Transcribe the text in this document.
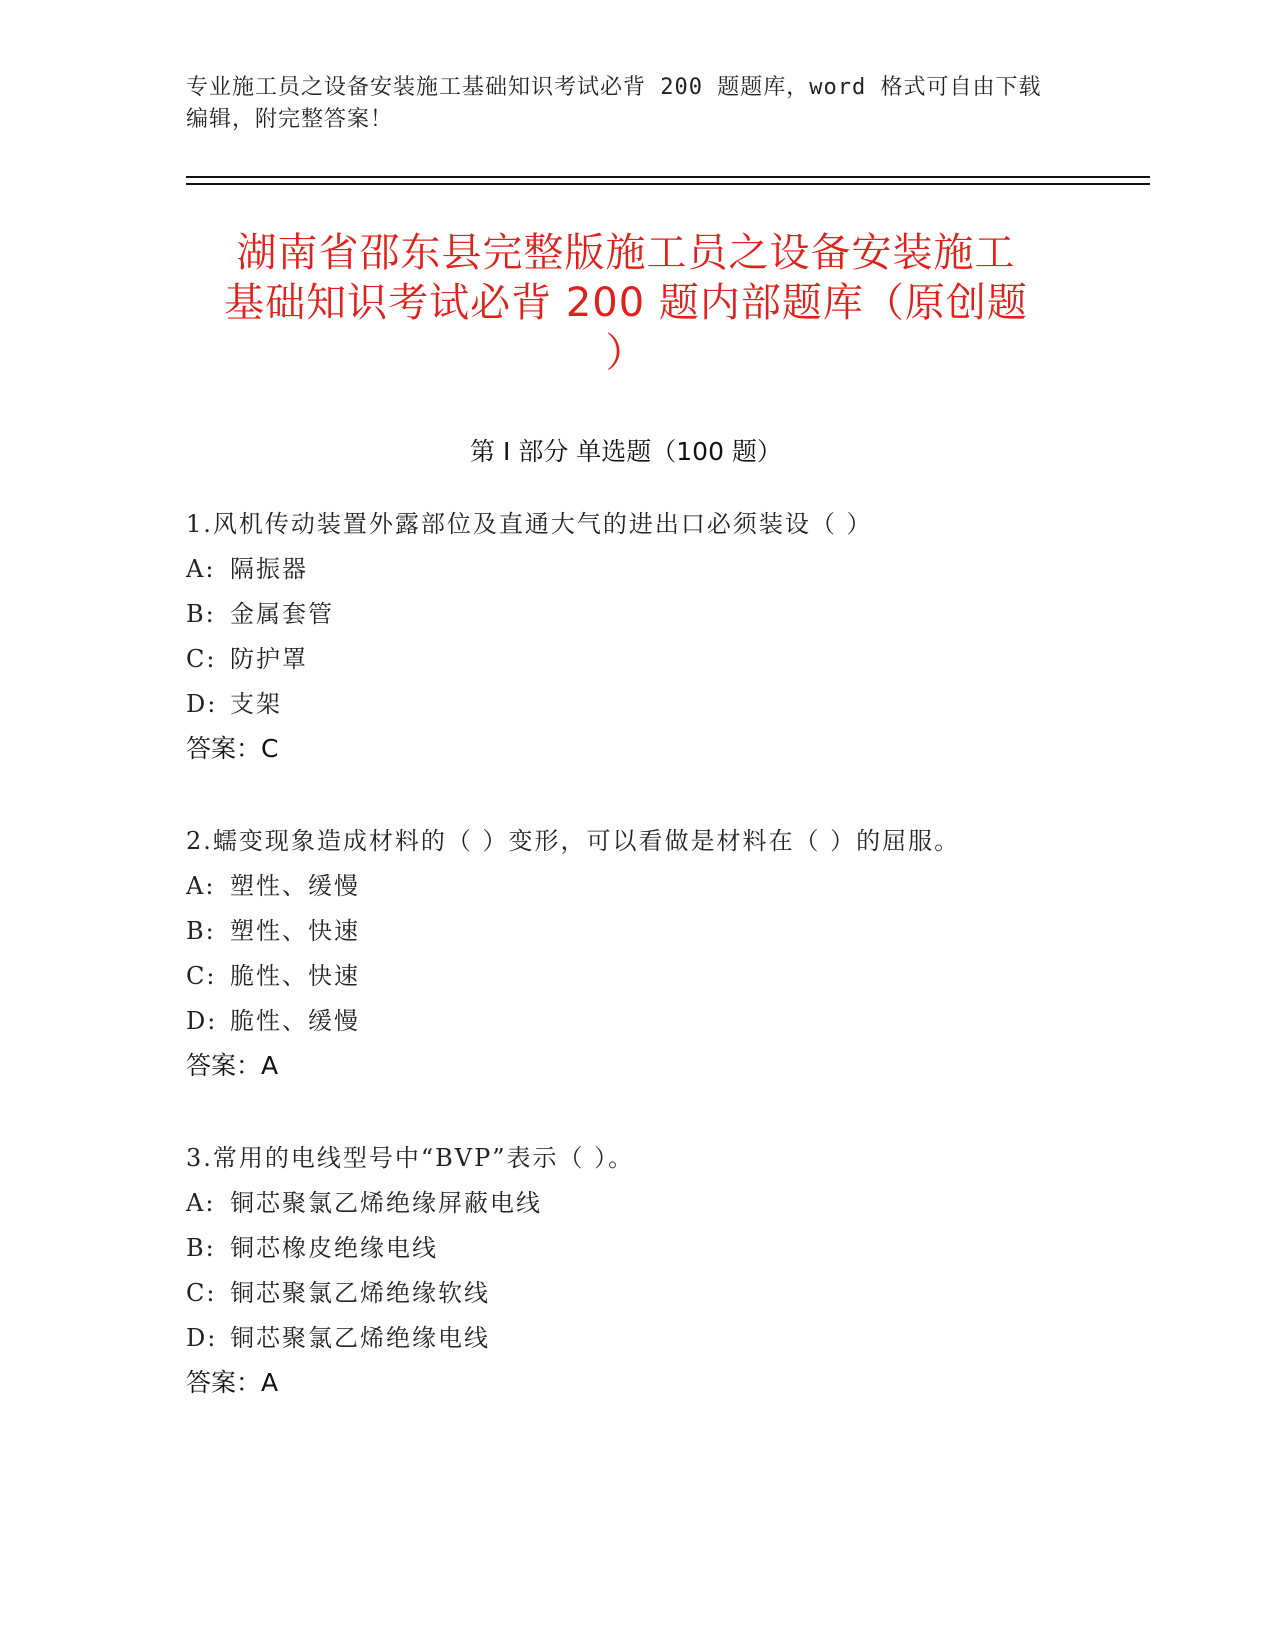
专业施工员之设备安装施工基础知识考试必背 200 题题库，word 格式可自由下载
编辑，附完整答案！
湖南省邵东县完整版施工员之设备安装施工
基础知识考试必背 200 题内部题库（原创题
）
第 I 部分 单选题（100 题）
1.风机传动装置外露部位及直通大气的进出口必须装设（ ）
A: 隔振器
B: 金属套管
C: 防护罩
D: 支架
答案：C
2.蠕变现象造成材料的（ ）变形，可以看做是材料在（ ）的屈服。
A: 塑性、缓慢
B: 塑性、快速
C: 脆性、快速
D: 脆性、缓慢
答案：A
3.常用的电线型号中“BVP”表示（ ）。
A: 铜芯聚氯乙烯绝缘屏蔽电线
B: 铜芯橡皮绝缘电线
C: 铜芯聚氯乙烯绝缘软线
D: 铜芯聚氯乙烯绝缘电线
答案：A
